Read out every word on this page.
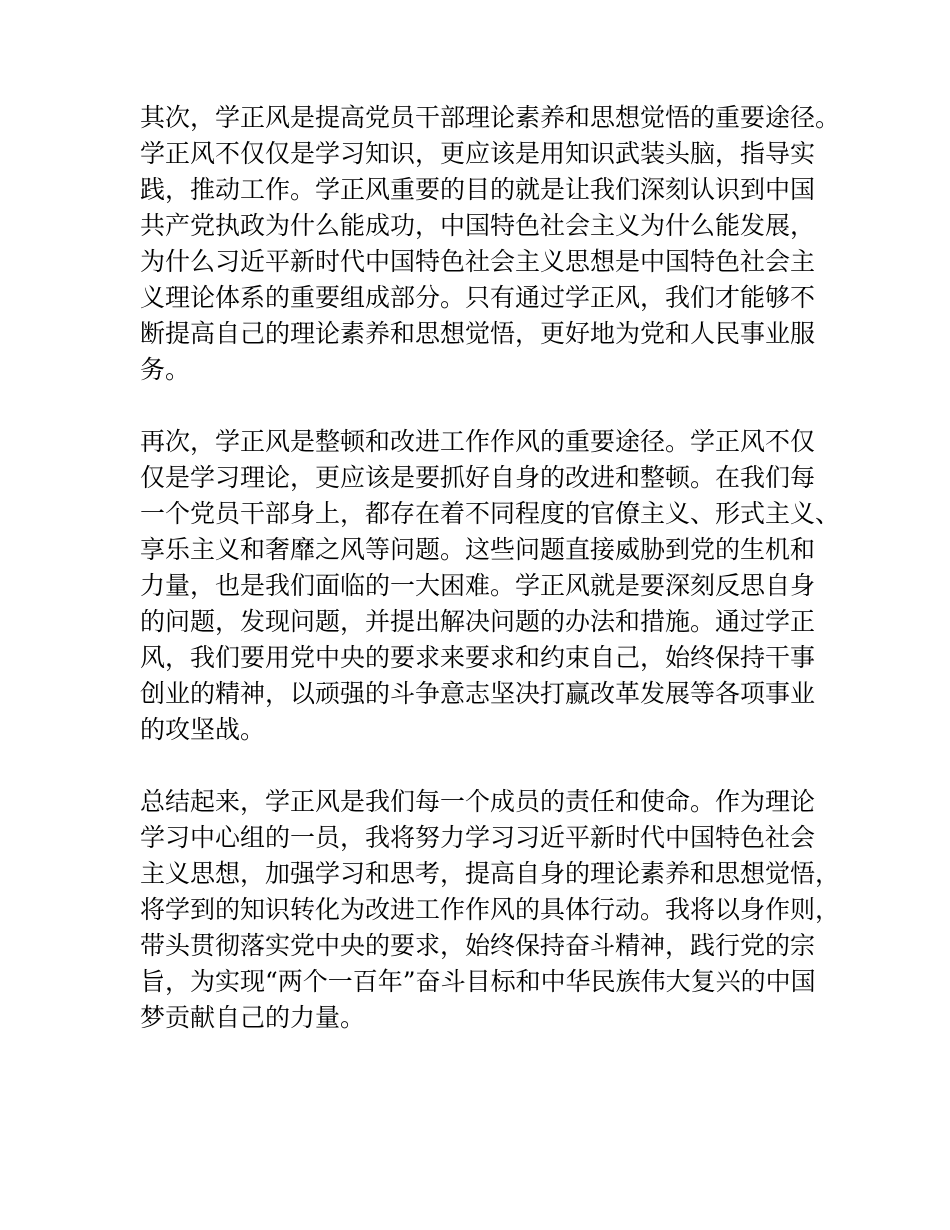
其次，学正风是提高党员干部理论素养和思想觉悟的重要途径。
学正风不仅仅是学习知识，更应该是用知识武装头脑，指导实
践，推动工作。学正风重要的目的就是让我们深刻认识到中国
共产党执政为什么能成功，中国特色社会主义为什么能发展，
为什么习近平新时代中国特色社会主义思想是中国特色社会主
义理论体系的重要组成部分。只有通过学正风，我们才能够不
断提高自己的理论素养和思想觉悟，更好地为党和人民事业服
务。
再次，学正风是整顿和改进工作作风的重要途径。学正风不仅
仅是学习理论，更应该是要抓好自身的改进和整顿。在我们每
一个党员干部身上，都存在着不同程度的官僚主义、形式主义、
享乐主义和奢靡之风等问题。这些问题直接威胁到党的生机和
力量，也是我们面临的一大困难。学正风就是要深刻反思自身
的问题，发现问题，并提出解决问题的办法和措施。通过学正
风，我们要用党中央的要求来要求和约束自己，始终保持干事
创业的精神，以顽强的斗争意志坚决打赢改革发展等各项事业
的攻坚战。
总结起来，学正风是我们每一个成员的责任和使命。作为理论
学习中心组的一员，我将努力学习习近平新时代中国特色社会
主义思想，加强学习和思考，提高自身的理论素养和思想觉悟，
将学到的知识转化为改进工作作风的具体行动。我将以身作则，
带头贯彻落实党中央的要求，始终保持奋斗精神，践行党的宗
旨，为实现“两个一百年”奋斗目标和中华民族伟大复兴的中国
梦贡献自己的力量。
